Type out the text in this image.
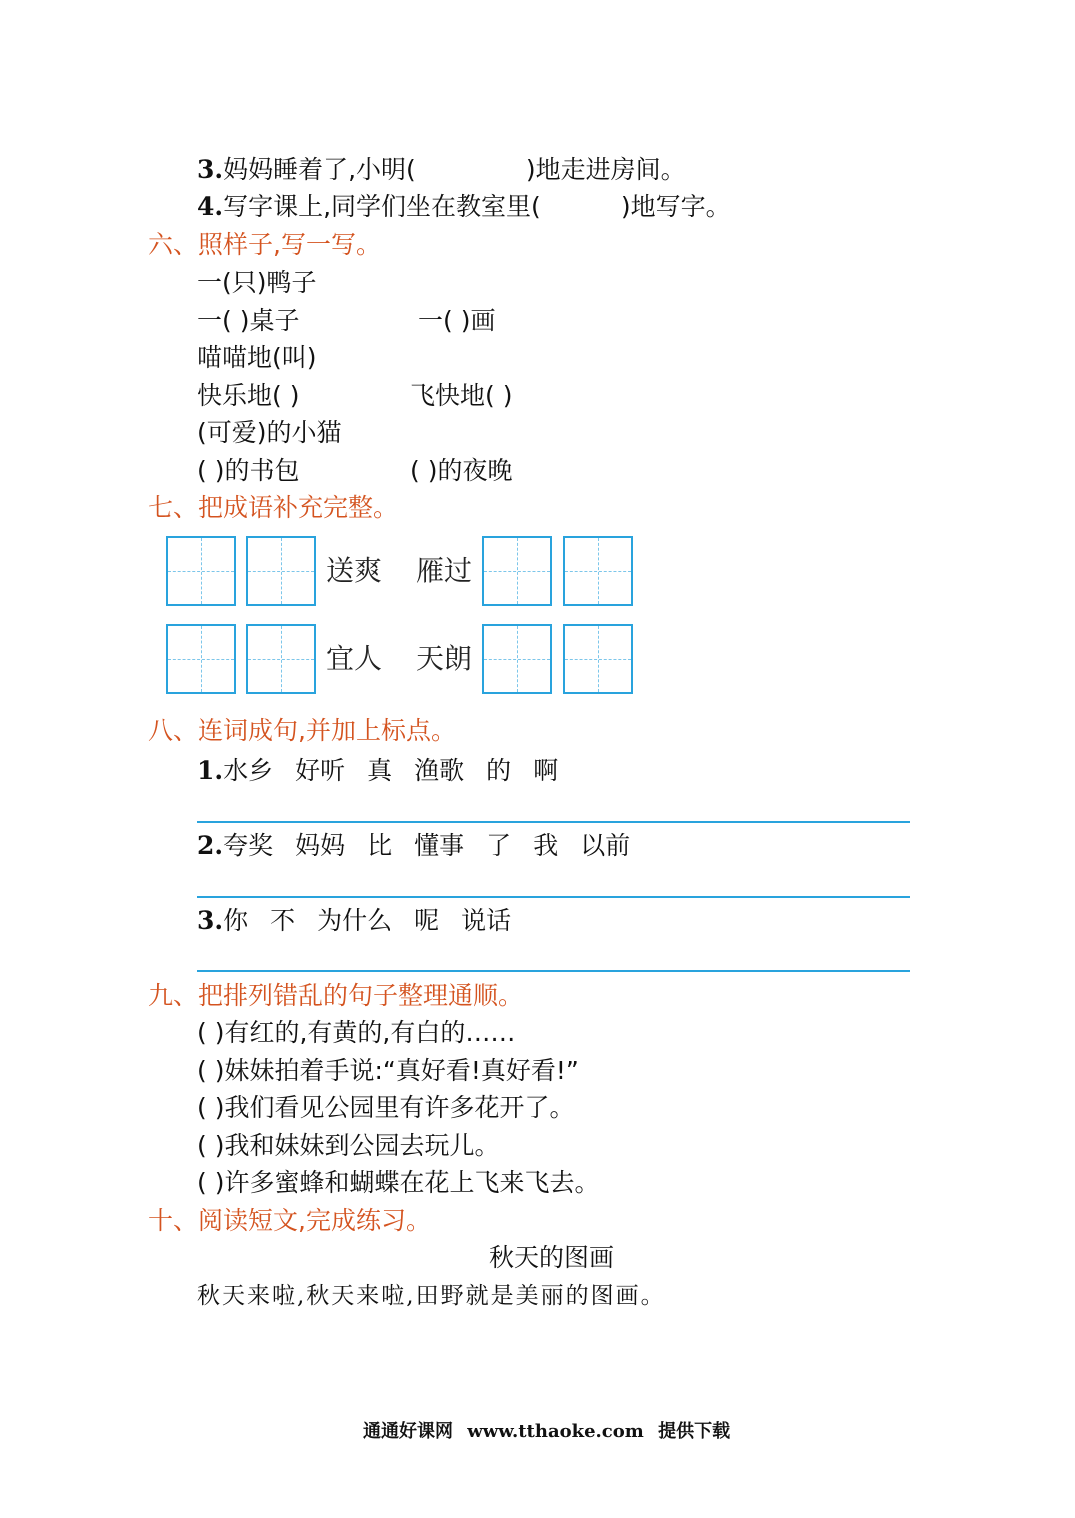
3.妈妈睡着了,小明(	)地走进房间。
4.写字课上,同学们坐在教室里(	)地写字。
六、照样子,写一写。
一(只)鸭子
一( )桌子	一( )画
喵喵地(叫)
快乐地( )	飞快地( )
(可爱)的小猫
( )的书包	( )的夜晚
七、把成语补充完整。
送爽 雁过
宜人 天朗
八、连词成句,并加上标点。
1.水乡 好听 真 渔歌 的 啊
2.夸奖 妈妈 比 懂事 了 我 以前
3.你 不 为什么 呢 说话
九、把排列错乱的句子整理通顺。
( )有红的,有黄的,有白的……
( )妹妹拍着手说:“真好看!真好看!”
( )我们看见公园里有许多花开了。
( )我和妹妹到公园去玩儿。
( )许多蜜蜂和蝴蝶在花上飞来飞去。
十、阅读短文,完成练习。
秋天的图画
秋天来啦,秋天来啦,田野就是美丽的图画。
通通好课网 www.tthaoke.com 提供下载
